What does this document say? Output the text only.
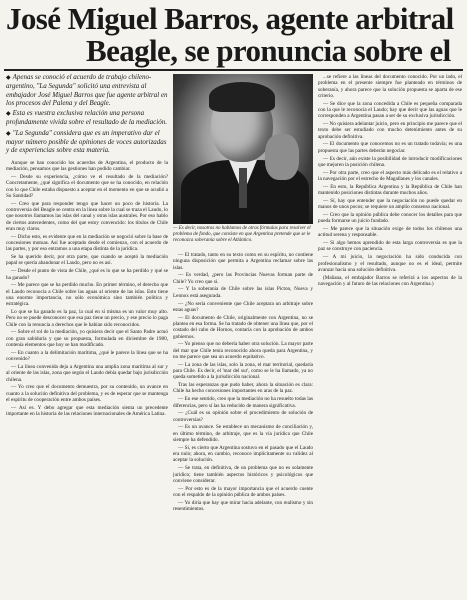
José Miguel Barros, agente arbitral
Beagle, se pronuncia sobre el

◆ Apenas se conoció el acuerdo de trabajo chileno-argentino, "La Segunda" solicitó una entrevista al embajador José Miguel Barros que fue agente arbitral en los procesos del Palena y del Beagle.

◆ Esta es vuestra exclusiva relación una persona profundamente vivida sobre el resultado de la mediación.

◆ "La Segunda" considera que es un imperativo dar el mayor número posible de opiniones de voces autorizadas y de experiencias sobre esta materia.

— Es decir, nosotros no hablamos de otras fórmulas para resolver el problema de fondo, que consiste en que Argentina pretende que se le reconozca soberanía sobre el Atlántico.

Aunque se han conocido los acuerdos de Argentina, el producto de la mediación, pensamos que las gestiones han podido cambiar.

— Desde su experiencia, ¿cómo ve el resultado de la mediación? Concretamente, ¿qué significa el documento que se ha conocido, en relación con lo que Chile estaba dispuesto a aceptar en el momento en que se acudió a Su Santidad?

— Creo que para responder tengo que hacer un poco de historia. La controversia del Beagle se centra en la línea sobre la cual se traza el Laudo, lo que nosotros llamamos las islas del canal y otras islas australes. Por eso hablo de ciertos antecedentes, como del que estoy convencido: los títulos de Chile eran muy claros.

— Dicho esto, es evidente que en la mediación se negoció sobre la base de concesiones mutuas. Así fue aceptado desde el comienzo, con el acuerdo de las partes, y por eso entramos a una etapa distinta de la jurídica.

Se ha querido decir, por otra parte, que cuando se aceptó la mediación papal se quería abandonar el Laudo, pero no es así.

— Desde el punto de vista de Chile, ¿qué es lo que se ha perdido y qué se ha ganado?

— Me parece que se ha perdido mucho. En primer término, el derecho que el Laudo reconocía a Chile sobre las aguas al oriente de las islas. Esto tiene una enorme importancia, no sólo económica sino también política y estratégica.

Lo que se ha ganado es la paz, la cual en sí misma es un valor muy alto. Pero no se puede desconocer que esa paz tiene un precio, y ese precio lo paga Chile con la renuncia a derechos que le habían sido reconocidos.

— Sobre el rol de la mediación, yo quisiera decir que el Santo Padre actuó con gran sabiduría y que su propuesta, formulada en diciembre de 1980, contenía elementos que hoy se han modificado.

— En cuanto a la delimitación marítima, ¿qué le parece la línea que se ha convenido?

— La línea convenida deja a Argentina una amplia zona marítima al sur y al oriente de las islas, zona que según el Laudo debía quedar bajo jurisdicción chilena.

— Yo creo que el documento demuestra, por su contenido, un avance en cuanto a la solución definitiva del problema, y es de esperar que se mantenga el espíritu de cooperación entre ambos países.

— Así es. Y debo agregar que esta mediación sienta un precedente importante en la historia de las relaciones internacionales de América Latina.

— El tratado, tanto en su texto como en su espíritu, no contiene ninguna disposición que permita a Argentina reclamar sobre las islas.

— Es verdad, ¿pero las Provincias Nuevas forman parte de Chile? Yo creo que sí.

— Y la soberanía de Chile sobre las islas Picton, Nueva y Lennox está asegurada.

— ¿No sería conveniente que Chile aceptara un arbitraje sobre estas aguas?

— El documento de Chile, originalmente con Argentina, no se plantea en esa forma. Se ha tratado de obtener una línea que, por el costado del cabo de Hornos, contaría con la aprobación de ambos gobiernos.

— Yo pienso que no debería haber otra solución. La mayor parte del mar que Chile tenía reconocido ahora queda para Argentina, y no me parece que sea un acuerdo equitativo.

— La zona de las islas, solo la zona, el mar territorial, quedaría para Chile. Es decir, el 'mar del sur', como se le ha llamado, ya no queda sometido a la jurisdicción nacional.

Tras las esperanzas que pudo haber, ahora la situación es clara: Chile ha hecho concesiones importantes en aras de la paz.

— En ese sentido, creo que la mediación no ha resuelto todas las diferencias, pero sí las ha reducido de manera significativa.

— ¿Cuál es su opinión sobre el procedimiento de solución de controversias?

— Es un avance. Se establece un mecanismo de conciliación y, en último término, de arbitraje, que es la vía jurídica que Chile siempre ha defendido.

— Sí, es cierto que Argentina sostuvo en el pasado que el Laudo era nulo; ahora, en cambio, reconoce implícitamente su validez al aceptar la solución.

— Se trata, en definitiva, de un problema que no es solamente jurídico; tiene también aspectos históricos y psicológicos que conviene considerar.

— Por esto es de la mayor importancia que el acuerdo cuente con el respaldo de la opinión pública de ambos países.

— Yo diría que hay que mirar hacia adelante, con realismo y sin resentimientos.

...se refiere a las líneas del documento conocido. Por un lado, el problema en el presente siempre fue planteado en términos de soberanía, y ahora parece que la solución propuesta se aparta de ese criterio.

— Se dice que la zona concedida a Chile es pequeña comparada con la que le reconocía el Laudo; hay que decir que las aguas que le corresponden a Argentina pasan a ser de su exclusiva jurisdicción.

— No quisiera adelantar juicio, pero en principio me parece que el texto debe ser estudiado con mucho detenimiento antes de su aprobación definitiva.

— El documento que conocemos no es un tratado todavía; es una propuesta que las partes deberán negociar.

— Es decir, aún existe la posibilidad de introducir modificaciones que mejoren la posición chilena.

— Por otra parte, creo que el aspecto más delicado es el relativo a la navegación por el estrecho de Magallanes y los canales.

— En esto, la República Argentina y la República de Chile han mantenido posiciones distintas durante muchos años.

— Sí, hay que entender que la negociación no puede quedar en manos de unos pocos; se requiere un amplio consenso nacional.

— Creo que la opinión pública debe conocer los detalles para que pueda formarse un juicio fundado.

— Me parece que la situación exige de todos los chilenos una actitud serena y responsable.

— Si algo hemos aprendido de esta larga controversia es que la paz se construye con paciencia.

— A mi juicio, la negociación ha sido conducida con profesionalismo y el resultado, aunque no es el ideal, permite avanzar hacia una solución definitiva.

(Mañana, el embajador Barros se referirá a los aspectos de la navegación y al futuro de las relaciones con Argentina.)
